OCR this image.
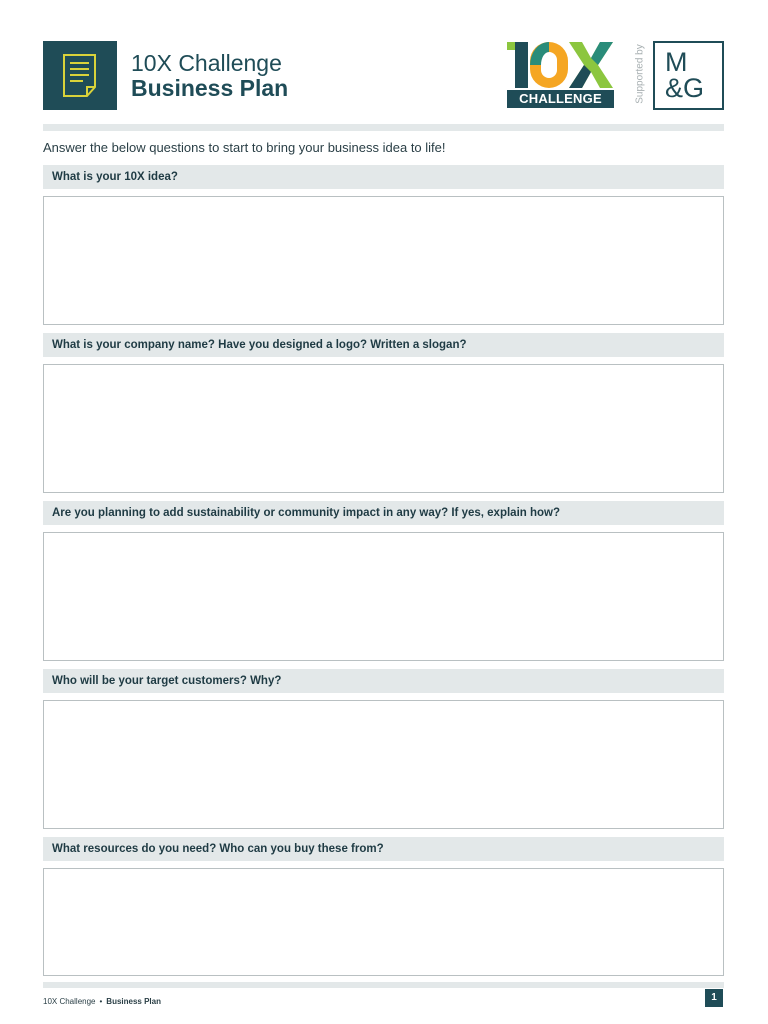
10X Challenge
Business Plan	CHALLENGE	Supported by M
&G
Answer the below questions to start to bring your business idea to life!
What is your 10X idea?
What is your company name? Have you designed a logo? Written a slogan?
Are you planning to add sustainability or community impact in any way? If yes, explain how?
Who will be your target customers? Why?
What resources do you need? Who can you buy these from?
10X Challenge • Business Plan	1
